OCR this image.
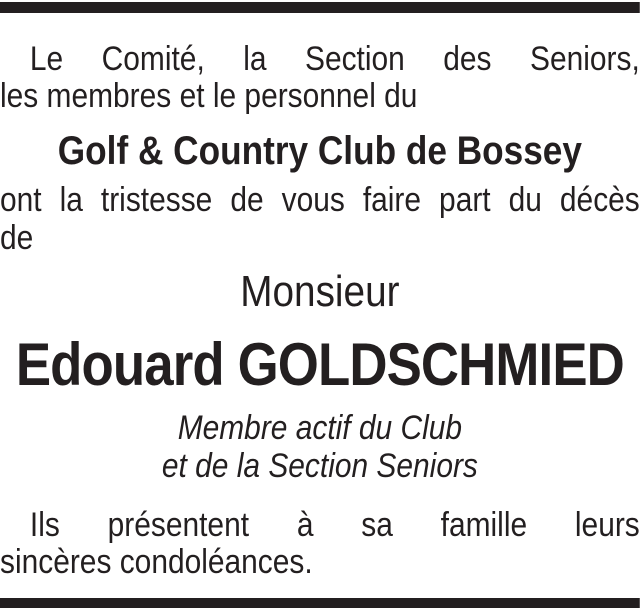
Le Comité, la Section des Seniors,
les membres et le personnel du
Golf & Country Club de Bossey
ont la tristesse de vous faire part du décès
de
Monsieur
Edouard GOLDSCHMIED
Membre actif du Club
et de la Section Seniors
Ils présentent à sa famille leurs
sincères condoléances.
